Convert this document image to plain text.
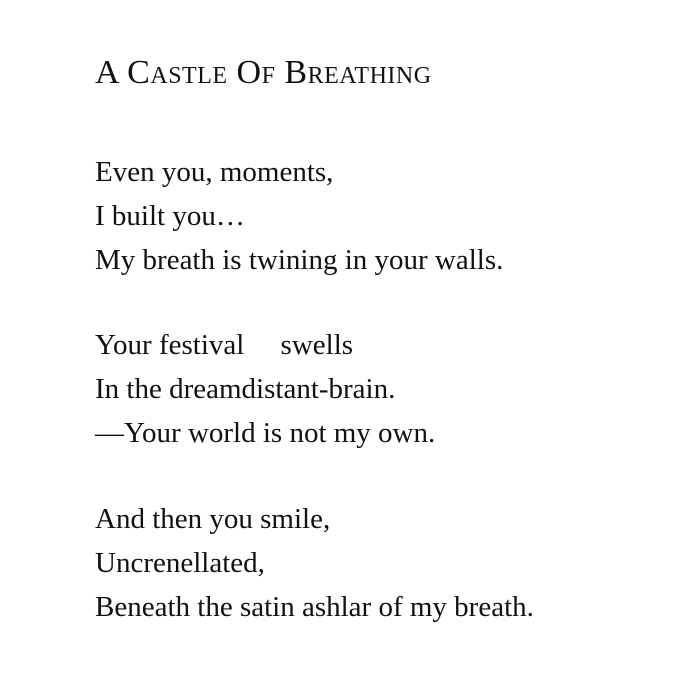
A Castle Of Breathing
Even you, moments,
I built you…
My breath is twining in your walls.
Your festival     swells
In the dreamdistant-brain.
—Your world is not my own.
And then you smile,
Uncrenellated,
Beneath the satin ashlar of my breath.
